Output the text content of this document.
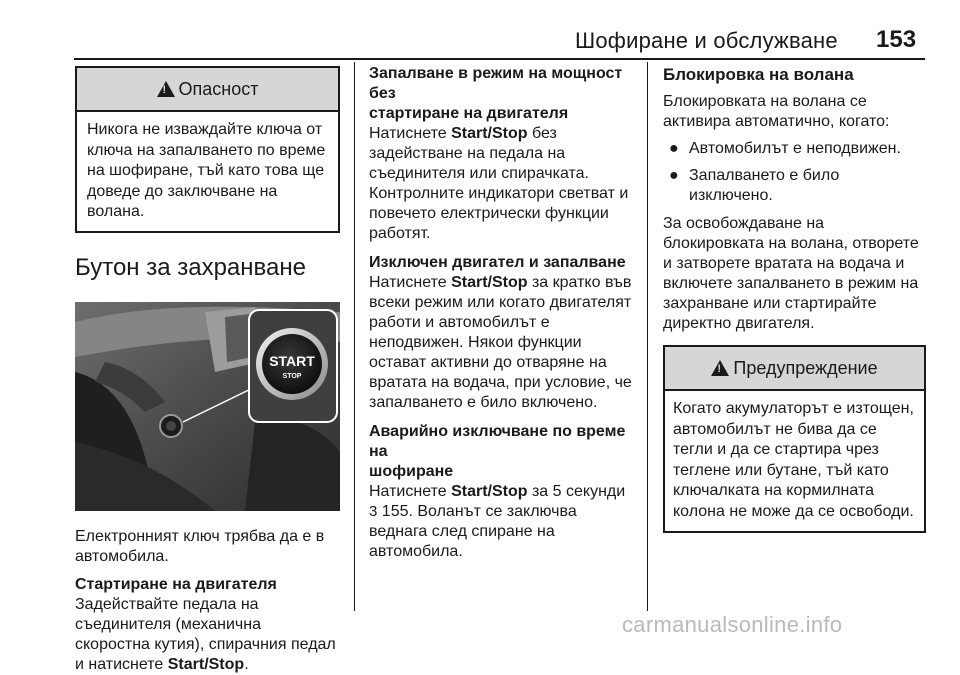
Шофиране и обслужване 153
!
Опасност
Никога не изваждайте ключа от
ключа на запалването по време
на шофиране, тъй като това ще
доведе до заключване на
волана.
Бутон за захранване
START
STOP

Електронният ключ трябва да е в

автомобила.

Стартиране на двигателя

Задействайте педала на

съединителя (механична

скоростна кутия), спирачния педал

и натиснете Start/Stop.

Запалване в режим на мощност без
стартиране на двигателя

Натиснете Start/Stop без

задействане на педала на

съединителя или спирачката.

Контролните индикатори светват и

повечето електрически функции

работят.

Изключен двигател и запалване

Натиснете Start/Stop за кратко във

всеки режим или когато двигателят

работи и автомобилът е

неподвижен. Някои функции

остават активни до отваряне на

вратата на водача, при условие, че

запалването е било включено.

Аварийно изключване по време на
шофиране

Натиснете Start/Stop за 5 секунди

3 155. Воланът се заключва

веднага след спиране на

автомобила.

Блокировка на волана

Блокировката на волана се

активира автоматично, когато:

● Автомобилът е неподвижен.
● Запалването е било
изключено.

За освобождаване на

блокировката на волана, отворете

и затворете вратата на водача и

включете запалването в режим на

захранване или стартирайте

директно двигателя.

!
Предупреждение
Когато акумулаторът е изтощен,
автомобилът не бива да се
тегли и да се стартира чрез
теглене или бутане, тъй като
ключалката на кормилната
колона не може да се освободи.
carmanualsonline.info
